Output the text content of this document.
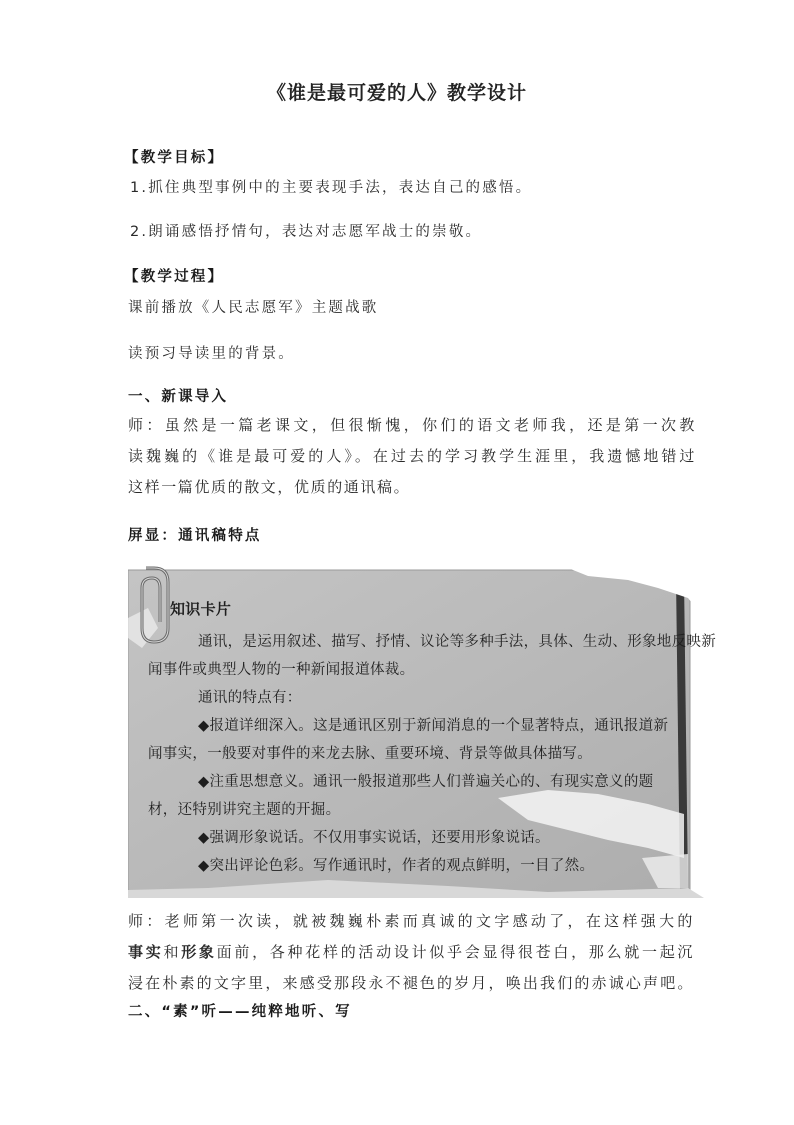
《谁是最可爱的人》教学设计
【教学目标】
1.抓住典型事例中的主要表现手法，表达自己的感悟。
2.朗诵感悟抒情句，表达对志愿军战士的崇敬。
【教学过程】
课前播放《人民志愿军》主题战歌
读预习导读里的背景。
一、新课导入
师：虽然是一篇老课文，但很惭愧，你们的语文老师我，还是第一次教
读魏巍的《谁是最可爱的人》。在过去的学习教学生涯里，我遗憾地错过
这样一篇优质的散文，优质的通讯稿。
屏显：通讯稿特点
知识卡片
通讯，是运用叙述、描写、抒情、议论等多种手法，具体、生动、形象地反映新
闻事件或典型人物的一种新闻报道体裁。
通讯的特点有：
◆报道详细深入。这是通讯区别于新闻消息的一个显著特点，通讯报道新
闻事实，一般要对事件的来龙去脉、重要环境、背景等做具体描写。
◆注重思想意义。通讯一般报道那些人们普遍关心的、有现实意义的题
材，还特别讲究主题的开掘。
◆强调形象说话。不仅用事实说话，还要用形象说话。
◆突出评论色彩。写作通讯时，作者的观点鲜明，一目了然。
师：老师第一次读，就被魏巍朴素而真诚的文字感动了，在这样强大的
事实和形象面前，各种花样的活动设计似乎会显得很苍白，那么就一起沉
浸在朴素的文字里，来感受那段永不褪色的岁月，唤出我们的赤诚心声吧。
二、“素”听——纯粹地听、写
